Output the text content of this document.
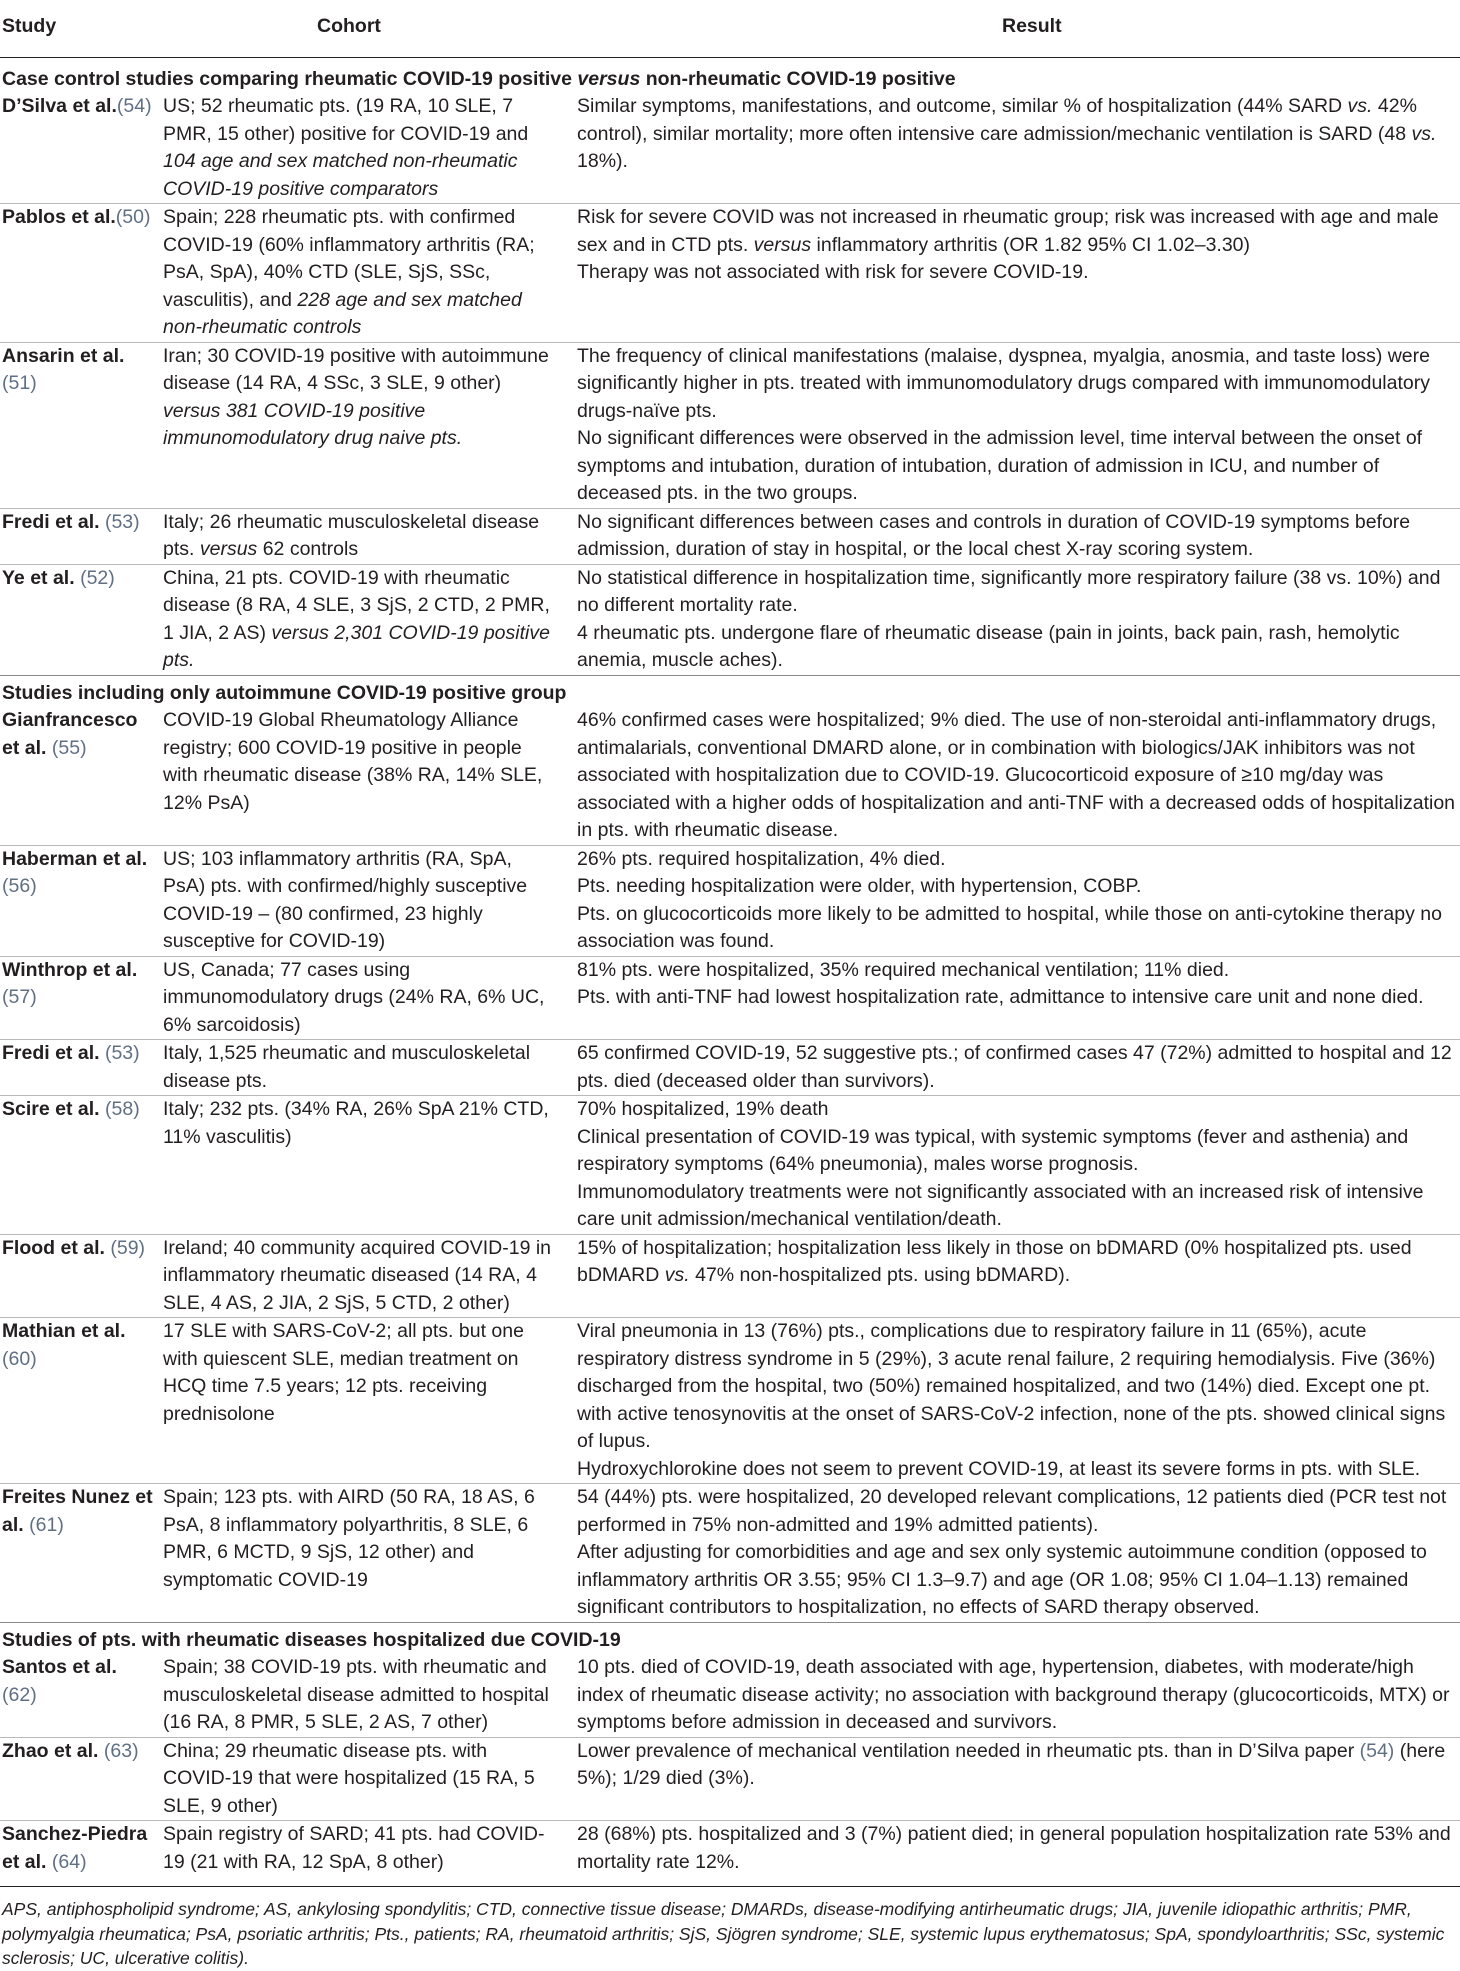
Study	Cohort	Result
Case control studies comparing rheumatic COVID-19 positive versus non-rheumatic COVID-19 positive		
D’Silva et al.(54)	US; 52 rheumatic pts. (19 RA, 10 SLE, 7 PMR, 15 other) positive for COVID-19 and 104 age and sex matched non-rheumatic COVID-19 positive comparators	Similar symptoms, manifestations, and outcome, similar % of hospitalization (44% SARD vs. 42% control), similar mortality; more often intensive care admission/mechanic ventilation is SARD (48 vs. 18%).

Pablos et al.(50)	Spain; 228 rheumatic pts. with confirmed COVID-19 (60% inflammatory arthritis (RA; PsA, SpA), 40% CTD (SLE, SjS, SSc, vasculitis), and 228 age and sex matched non-rheumatic controls	Risk for severe COVID was not increased in rheumatic group; risk was increased with age and male sex and in CTD pts. versus inflammatory arthritis (OR 1.82 95% CI 1.02–3.30)

Therapy was not associated with risk for severe COVID-19.

Ansarin et al.(51)	Iran; 30 COVID-19 positive with autoimmune disease (14 RA, 4 SSc, 3 SLE, 9 other) versus 381 COVID-19 positive immunomodulatory drug naive pts.	The frequency of clinical manifestations (malaise, dyspnea, myalgia, anosmia, and taste loss) were significantly higher in pts. treated with immunomodulatory drugs compared with immunomodulatory drugs-naïve pts.

No significant differences were observed in the admission level, time interval between the onset of symptoms and intubation, duration of intubation, duration of admission in ICU, and number of deceased pts. in the two groups.

Fredi et al. (53)	Italy; 26 rheumatic musculoskeletal disease pts. versus 62 controls	No significant differences between cases and controls in duration of COVID-19 symptoms before admission, duration of stay in hospital, or the local chest X-ray scoring system.

Ye et al. (52)	China, 21 pts. COVID-19 with rheumatic disease (8 RA, 4 SLE, 3 SjS, 2 CTD, 2 PMR, 1 JIA, 2 AS) versus 2,301 COVID-19 positive pts.	No statistical difference in hospitalization time, significantly more respiratory failure (38 vs. 10%) and no different mortality rate.

4 rheumatic pts. undergone flare of rheumatic disease (pain in joints, back pain, rash, hemolytic anemia, muscle aches).

Studies including only autoimmune COVID-19 positive group		
Gianfrancesco et al. (55)	COVID-19 Global Rheumatology Alliance registry; 600 COVID-19 positive in people with rheumatic disease (38% RA, 14% SLE, 12% PsA)	46% confirmed cases were hospitalized; 9% died. The use of non-steroidal anti-inflammatory drugs, antimalarials, conventional DMARD alone, or in combination with biologics/JAK inhibitors was not associated with hospitalization due to COVID-19. Glucocorticoid exposure of ≥10 mg/day was associated with a higher odds of hospitalization and anti-TNF with a decreased odds of hospitalization in pts. with rheumatic disease.

Haberman et al. (56)	US; 103 inflammatory arthritis (RA, SpA, PsA) pts. with confirmed/highly susceptive COVID-19 – (80 confirmed, 23 highly susceptive for COVID-19)	26% pts. required hospitalization, 4% died.

Pts. needing hospitalization were older, with hypertension, COBP.

Pts. on glucocorticoids more likely to be admitted to hospital, while those on anti-cytokine therapy no association was found.

Winthrop et al. (57)	US, Canada; 77 cases using immunomodulatory drugs (24% RA, 6% UC, 6% sarcoidosis)	81% pts. were hospitalized, 35% required mechanical ventilation; 11% died.

Pts. with anti-TNF had lowest hospitalization rate, admittance to intensive care unit and none died.

Fredi et al. (53)	Italy, 1,525 rheumatic and musculoskeletal disease pts.	65 confirmed COVID-19, 52 suggestive pts.; of confirmed cases 47 (72%) admitted to hospital and 12 pts. died (deceased older than survivors).

Scire et al. (58)	Italy; 232 pts. (34% RA, 26% SpA 21% CTD, 11% vasculitis)	70% hospitalized, 19% death

Clinical presentation of COVID-19 was typical, with systemic symptoms (fever and asthenia) and respiratory symptoms (64% pneumonia), males worse prognosis.

Immunomodulatory treatments were not significantly associated with an increased risk of intensive care unit admission/mechanical ventilation/death.

Flood et al. (59)	Ireland; 40 community acquired COVID-19 in inflammatory rheumatic diseased (14 RA, 4 SLE, 4 AS, 2 JIA, 2 SjS, 5 CTD, 2 other)	15% of hospitalization; hospitalization less likely in those on bDMARD (0% hospitalized pts. used bDMARD vs. 47% non-hospitalized pts. using bDMARD).

Mathian et al. (60)	17 SLE with SARS-CoV-2; all pts. but one with quiescent SLE, median treatment on HCQ time 7.5 years; 12 pts. receiving prednisolone	Viral pneumonia in 13 (76%) pts., complications due to respiratory failure in 11 (65%), acute respiratory distress syndrome in 5 (29%), 3 acute renal failure, 2 requiring hemodialysis. Five (36%) discharged from the hospital, two (50%) remained hospitalized, and two (14%) died. Except one pt. with active tenosynovitis at the onset of SARS-CoV-2 infection, none of the pts. showed clinical signs of lupus.

Hydroxychlorokine does not seem to prevent COVID-19, at least its severe forms in pts. with SLE.

Freites Nunez et al. (61)	Spain; 123 pts. with AIRD (50 RA, 18 AS, 6 PsA, 8 inflammatory polyarthritis, 8 SLE, 6 PMR, 6 MCTD, 9 SjS, 12 other) and symptomatic COVID-19	54 (44%) pts. were hospitalized, 20 developed relevant complications, 12 patients died (PCR test not performed in 75% non-admitted and 19% admitted patients).

After adjusting for comorbidities and age and sex only systemic autoimmune condition (opposed to inflammatory arthritis OR 3.55; 95% CI 1.3–9.7) and age (OR 1.08; 95% CI 1.04–1.13) remained significant contributors to hospitalization, no effects of SARD therapy observed.

Studies of pts. with rheumatic diseases hospitalized due COVID-19		
Santos et al. (62)	Spain; 38 COVID-19 pts. with rheumatic and musculoskeletal disease admitted to hospital (16 RA, 8 PMR, 5 SLE, 2 AS, 7 other)	10 pts. died of COVID-19, death associated with age, hypertension, diabetes, with moderate/high index of rheumatic disease activity; no association with background therapy (glucocorticoids, MTX) or symptoms before admission in deceased and survivors.

Zhao et al. (63)	China; 29 rheumatic disease pts. with COVID-19 that were hospitalized (15 RA, 5 SLE, 9 other)	Lower prevalence of mechanical ventilation needed in rheumatic pts. than in D’Silva paper (54) (here 5%); 1/29 died (3%).

Sanchez-Piedra et al. (64)	Spain registry of SARD; 41 pts. had COVID-19 (21 with RA, 12 SpA, 8 other)	28 (68%) pts. hospitalized and 3 (7%) patient died; in general population hospitalization rate 53% and mortality rate 12%.

APS, antiphospholipid syndrome; AS, ankylosing spondylitis; CTD, connective tissue disease; DMARDs, disease-modifying antirheumatic drugs; JIA, juvenile idiopathic arthritis; PMR, polymyalgia rheumatica; PsA, psoriatic arthritis; Pts., patients; RA, rheumatoid arthritis; SjS, Sjögren syndrome; SLE, systemic lupus erythematosus; SpA, spondyloarthritis; SSc, systemic sclerosis; UC, ulcerative colitis).
